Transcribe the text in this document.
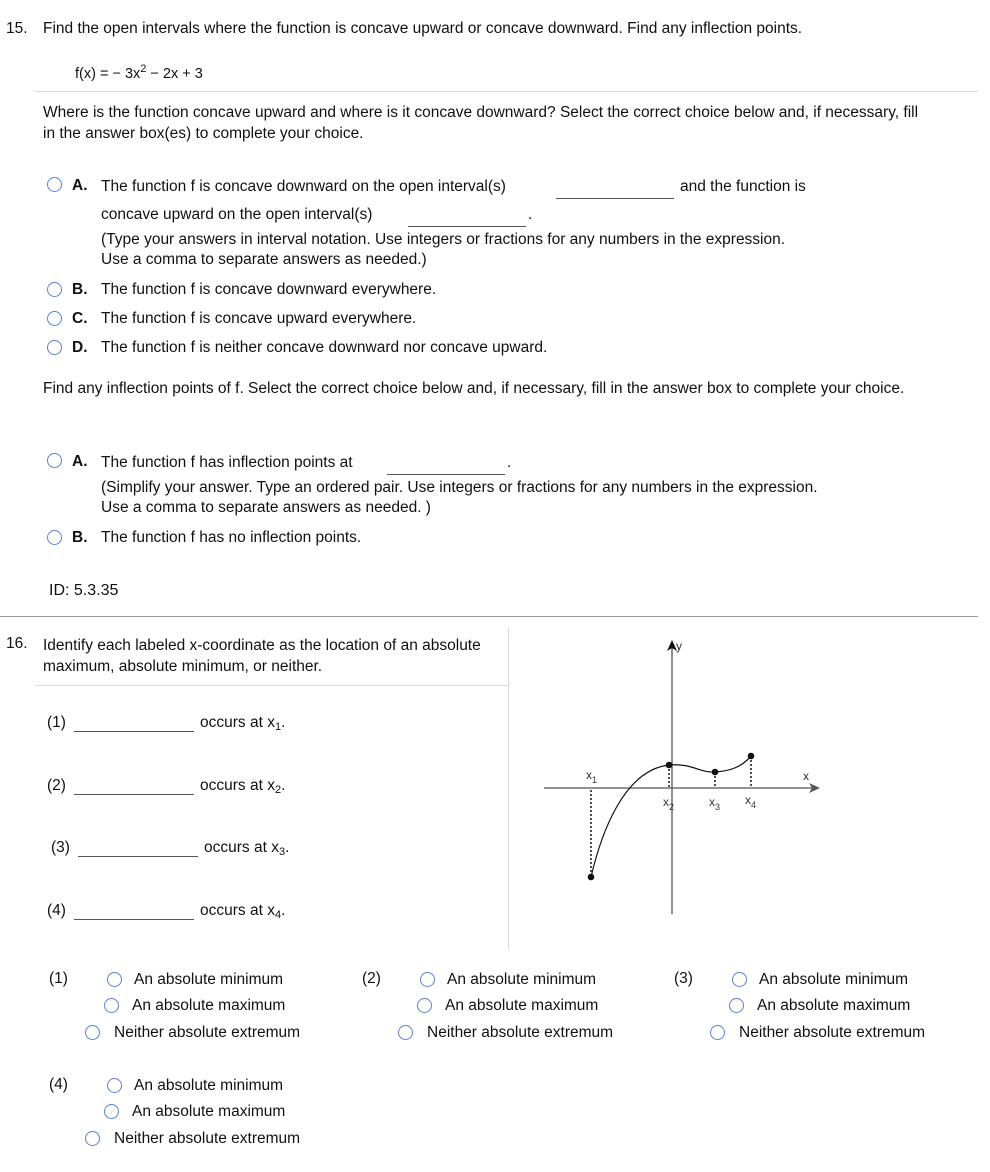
15. Find the open intervals where the function is concave upward or concave downward. Find any inflection points.
f(x) = − $3x^2 - 2x + 3$
Where is the function concave upward and where is it concave downward? Select the correct choice below and, if necessary, fill in the answer box(es) to complete your choice.
A. The function f is concave downward on the open interval(s)	and the function is
concave upward on the open interval(s)	.
(Type your answers in interval notation. Use integers or fractions for any numbers in the expression. Use a comma to separate answers as needed.)
B. The function f is concave downward everywhere.
C. The function f is concave upward everywhere.
D. The function f is neither concave downward nor concave upward.
Find any inflection points of f. Select the correct choice below and, if necessary, fill in the answer box to complete your choice.
A. The function f has inflection points at	.
(Simplify your answer. Type an ordered pair. Use integers or fractions for any numbers in the expression. Use a comma to separate answers as needed. )
B. The function f has no inflection points.
ID: 5.3.35
16. Identify each labeled x-coordinate as the location of an absolute maximum, absolute minimum, or neither.
(1)	occurs at $x_1$.
(2)	occurs at $x_2$.
(3)	occurs at $x_3$.
(4)	occurs at $x_4$.
x
y
$x_1$
$x_2$	$x_3$ $x_4$
(1)	An absolute minimum
An absolute maximum
Neither absolute extremum
(2)	An absolute minimum
An absolute maximum
Neither absolute extremum
(3)	An absolute minimum
An absolute maximum
Neither absolute extremum
(4)	An absolute minimum
An absolute maximum
Neither absolute extremum
